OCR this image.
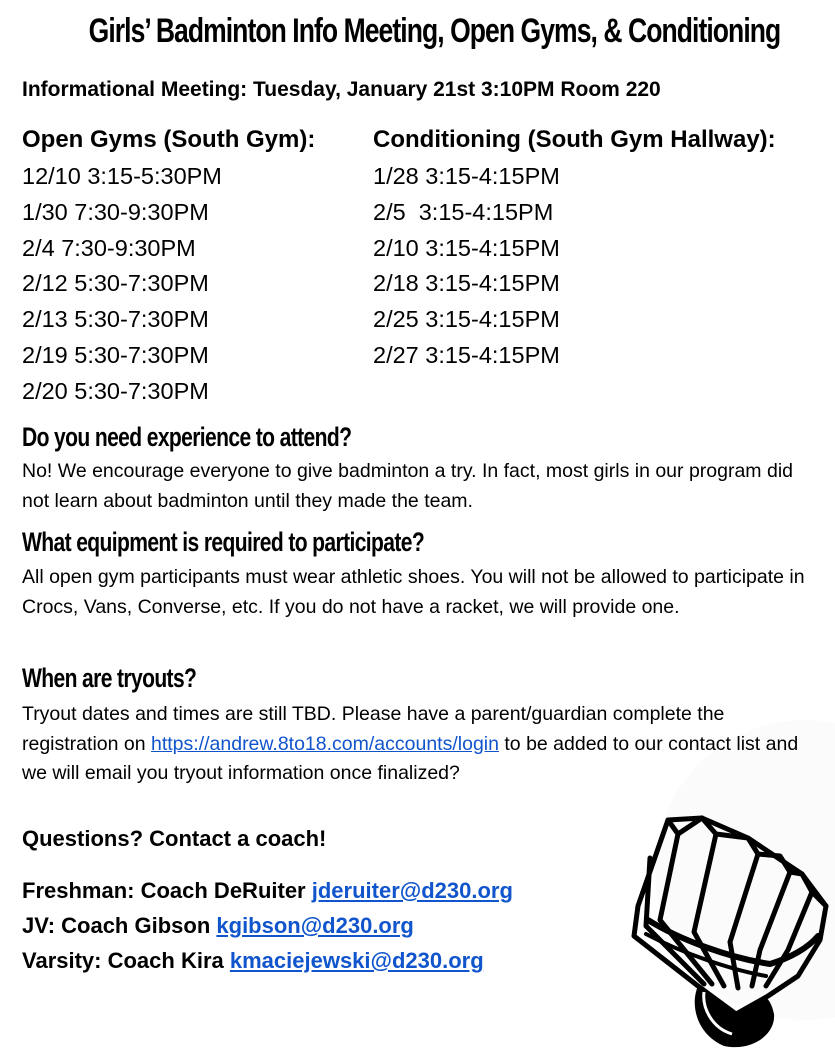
Girls’ Badminton Info Meeting, Open Gyms, & Conditioning
Informational Meeting: Tuesday, January 21st 3:10PM Room 220
Open Gyms (South Gym):
12/10 3:15-5:30PM
1/30 7:30-9:30PM
2/4 7:30-9:30PM
2/12 5:30-7:30PM
2/13 5:30-7:30PM
2/19 5:30-7:30PM
2/20 5:30-7:30PM
Conditioning (South Gym Hallway):
1/28 3:15-4:15PM
2/5  3:15-4:15PM
2/10 3:15-4:15PM
2/18 3:15-4:15PM
2/25 3:15-4:15PM
2/27 3:15-4:15PM
Do you need experience to attend?

No! We encourage everyone to give badminton a try. In fact, most girls in our program did not learn about badminton until they made the team.

What equipment is required to participate?

All open gym participants must wear athletic shoes. You will not be allowed to participate in Crocs, Vans, Converse, etc. If you do not have a racket, we will provide one.

When are tryouts?

Tryout dates and times are still TBD. Please have a parent/guardian complete the registration on https://andrew.8to18.com/accounts/login to be added to our contact list and we will email you tryout information once finalized?

Questions? Contact a coach!
Freshman: Coach DeRuiter jderuiter@d230.org
JV: Coach Gibson kgibson@d230.org
Varsity: Coach Kira kmaciejewski@d230.org
